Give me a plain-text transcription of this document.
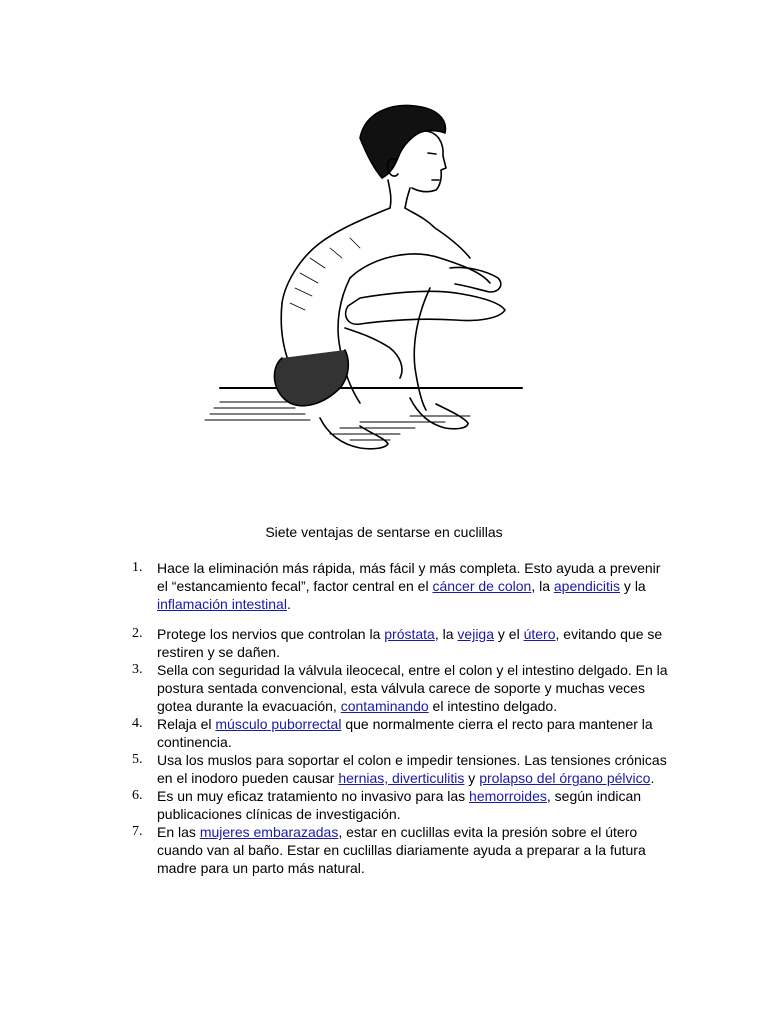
Siete ventajas de sentarse en cuclillas
1. Hace la eliminación más rápida, más fácil y más completa. Esto ayuda a prevenir el “estancamiento fecal”, factor central en el cáncer de colon, la apendicitis y la inflamación intestinal.
2. Protege los nervios que controlan la próstata, la vejiga y el útero, evitando que se restiren y se dañen.
3. Sella con seguridad la válvula ileocecal, entre el colon y el intestino delgado. En la postura sentada convencional, esta válvula carece de soporte y muchas veces gotea durante la evacuación, contaminando el intestino delgado.
4. Relaja el músculo puborrectal que normalmente cierra el recto para mantener la continencia.
5. Usa los muslos para soportar el colon e impedir tensiones. Las tensiones crónicas en el inodoro pueden causar hernias, diverticulitis y prolapso del órgano pélvico.
6. Es un muy eficaz tratamiento no invasivo para las hemorroides, según indican publicaciones clínicas de investigación.
7. En las mujeres embarazadas, estar en cuclillas evita la presión sobre el útero cuando van al baño. Estar en cuclillas diariamente ayuda a preparar a la futura madre para un parto más natural.
